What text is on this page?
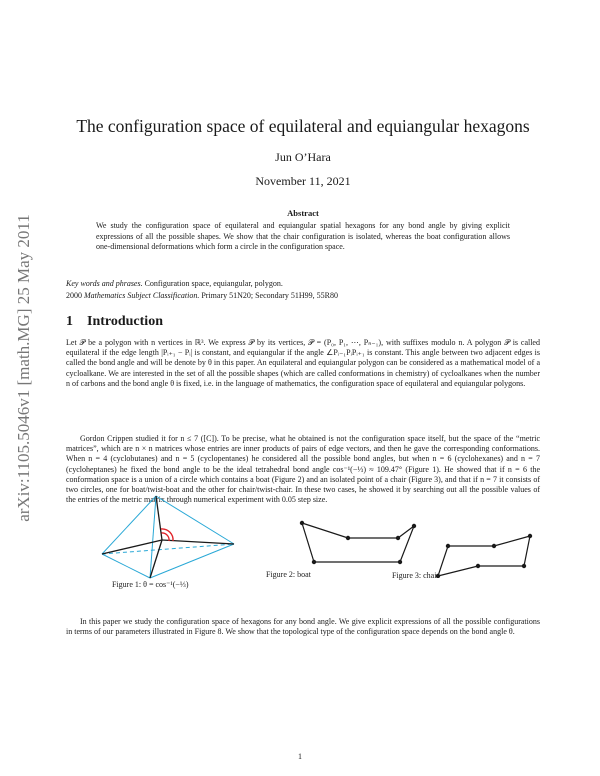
arXiv:1105.5046v1 [math.MG] 25 May 2011
The configuration space of equilateral and equiangular hexagons
Jun O’Hara
November 11, 2021
Abstract

We study the configuration space of equilateral and equiangular spatial hexagons for any bond angle by giving explicit expressions of all the possible shapes. We show that the chair configuration is isolated, whereas the boat configuration allows one-dimensional deformations which form a circle in the configuration space.

Key words and phrases. Configuration space, equiangular, polygon.
2000 Mathematics Subject Classification. Primary 51N20; Secondary 51H99, 55R80
1 Introduction

Let 𝒫 be a polygon with n vertices in ℝ³. We express 𝒫 by its vertices, 𝒫 = (P₀, P₁, ⋯, Pₙ₋₁), with suffixes modulo n. A polygon 𝒫 is called equilateral if the edge length |Pᵢ₊₁ − Pᵢ| is constant, and equiangular if the angle ∠Pᵢ₋₁PᵢPᵢ₊₁ is constant. This angle between two adjacent edges is called the bond angle and will be denote by θ in this paper. An equilateral and equiangular polygon can be considered as a mathematical model of a cycloalkane. We are interested in the set of all the possible shapes (which are called conformations in chemistry) of cycloalkanes when the number n of carbons and the bond angle θ is fixed, i.e. in the language of mathematics, the configuration space of equilateral and equiangular polygons.

Gordon Crippen studied it for n ≤ 7 ([C]). To be precise, what he obtained is not the configuration space itself, but the space of the “metric matrices”, which are n × n matrices whose entries are inner products of pairs of edge vectors, and then he gave the corresponding conformations. When n = 4 (cyclobutanes) and n = 5 (cyclopentanes) he considered all the possible bond angles, but when n = 6 (cyclohexanes) and n = 7 (cycloheptanes) he fixed the bond angle to be the ideal tetrahedral bond angle cos⁻¹(−⅓) ≈ 109.47° (Figure 1). He showed that if n = 6 the conformation space is a union of a circle which contains a boat (Figure 2) and an isolated point of a chair (Figure 3), and that if n = 7 it consists of two circles, one for boat/twist-boat and the other for chair/twist-chair. In these two cases, he showed it by searching out all the possible values of the entries of the metric matrix through numerical experiment with 0.05 step size.

In this paper we study the configuration space of hexagons for any bond angle. We give explicit expressions of all the possible configurations in terms of our parameters illustrated in Figure 8. We show that the topological type of the configuration space depends on the bond angle θ.

Figure 1: θ = cos⁻¹(−⅓)
Figure 2: boat	Figure 3: chair
1
